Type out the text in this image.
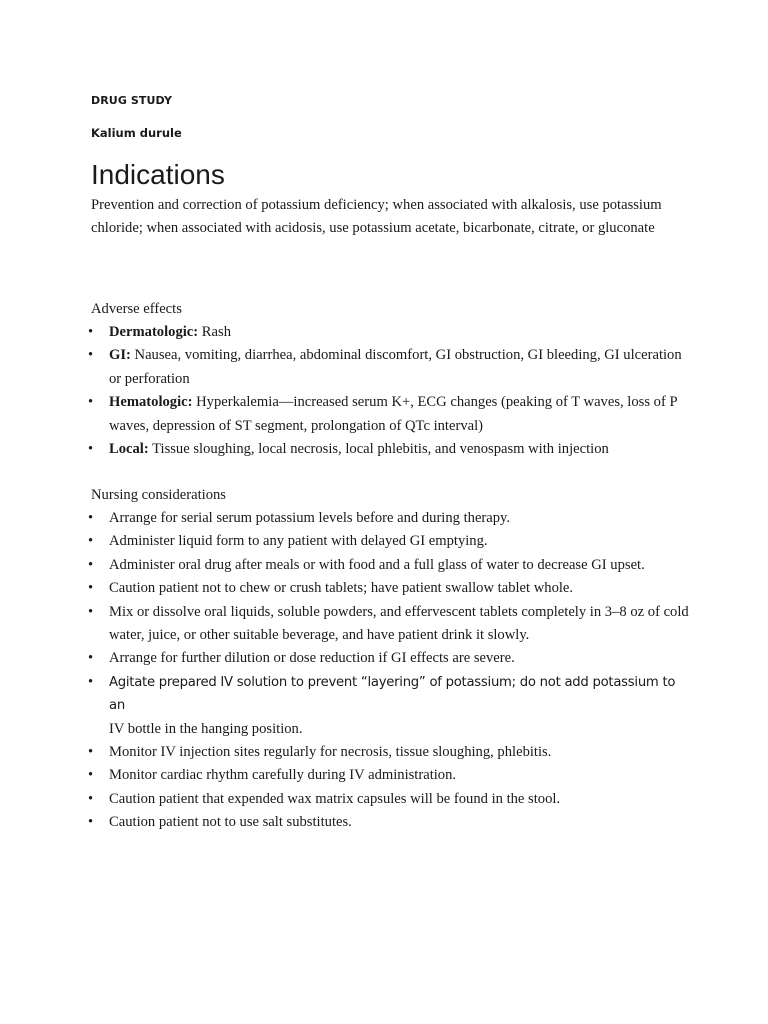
DRUG STUDY
Kalium durule
Indications
Prevention and correction of potassium deficiency; when associated with alkalosis, use potassium chloride; when associated with acidosis, use potassium acetate, bicarbonate, citrate, or gluconate
Adverse effects
• Dermatologic: Rash
• GI: Nausea, vomiting, diarrhea, abdominal discomfort, GI obstruction, GI bleeding, GI ulceration or perforation
• Hematologic: Hyperkalemia—increased serum K+, ECG changes (peaking of T waves, loss of P waves, depression of ST segment, prolongation of QTc interval)
• Local: Tissue sloughing, local necrosis, local phlebitis, and venospasm with injection
Nursing considerations
• Arrange for serial serum potassium levels before and during therapy.
• Administer liquid form to any patient with delayed GI emptying.
• Administer oral drug after meals or with food and a full glass of water to decrease GI upset.
• Caution patient not to chew or crush tablets; have patient swallow tablet whole.
• Mix or dissolve oral liquids, soluble powders, and effervescent tablets completely in 3–8 oz of cold water, juice, or other suitable beverage, and have patient drink it slowly.
• Arrange for further dilution or dose reduction if GI effects are severe.
• Agitate prepared IV solution to prevent “layering” of potassium; do not add potassium to an
IV bottle in the hanging position.
• Monitor IV injection sites regularly for necrosis, tissue sloughing, phlebitis.
• Monitor cardiac rhythm carefully during IV administration.
• Caution patient that expended wax matrix capsules will be found in the stool.
• Caution patient not to use salt substitutes.
